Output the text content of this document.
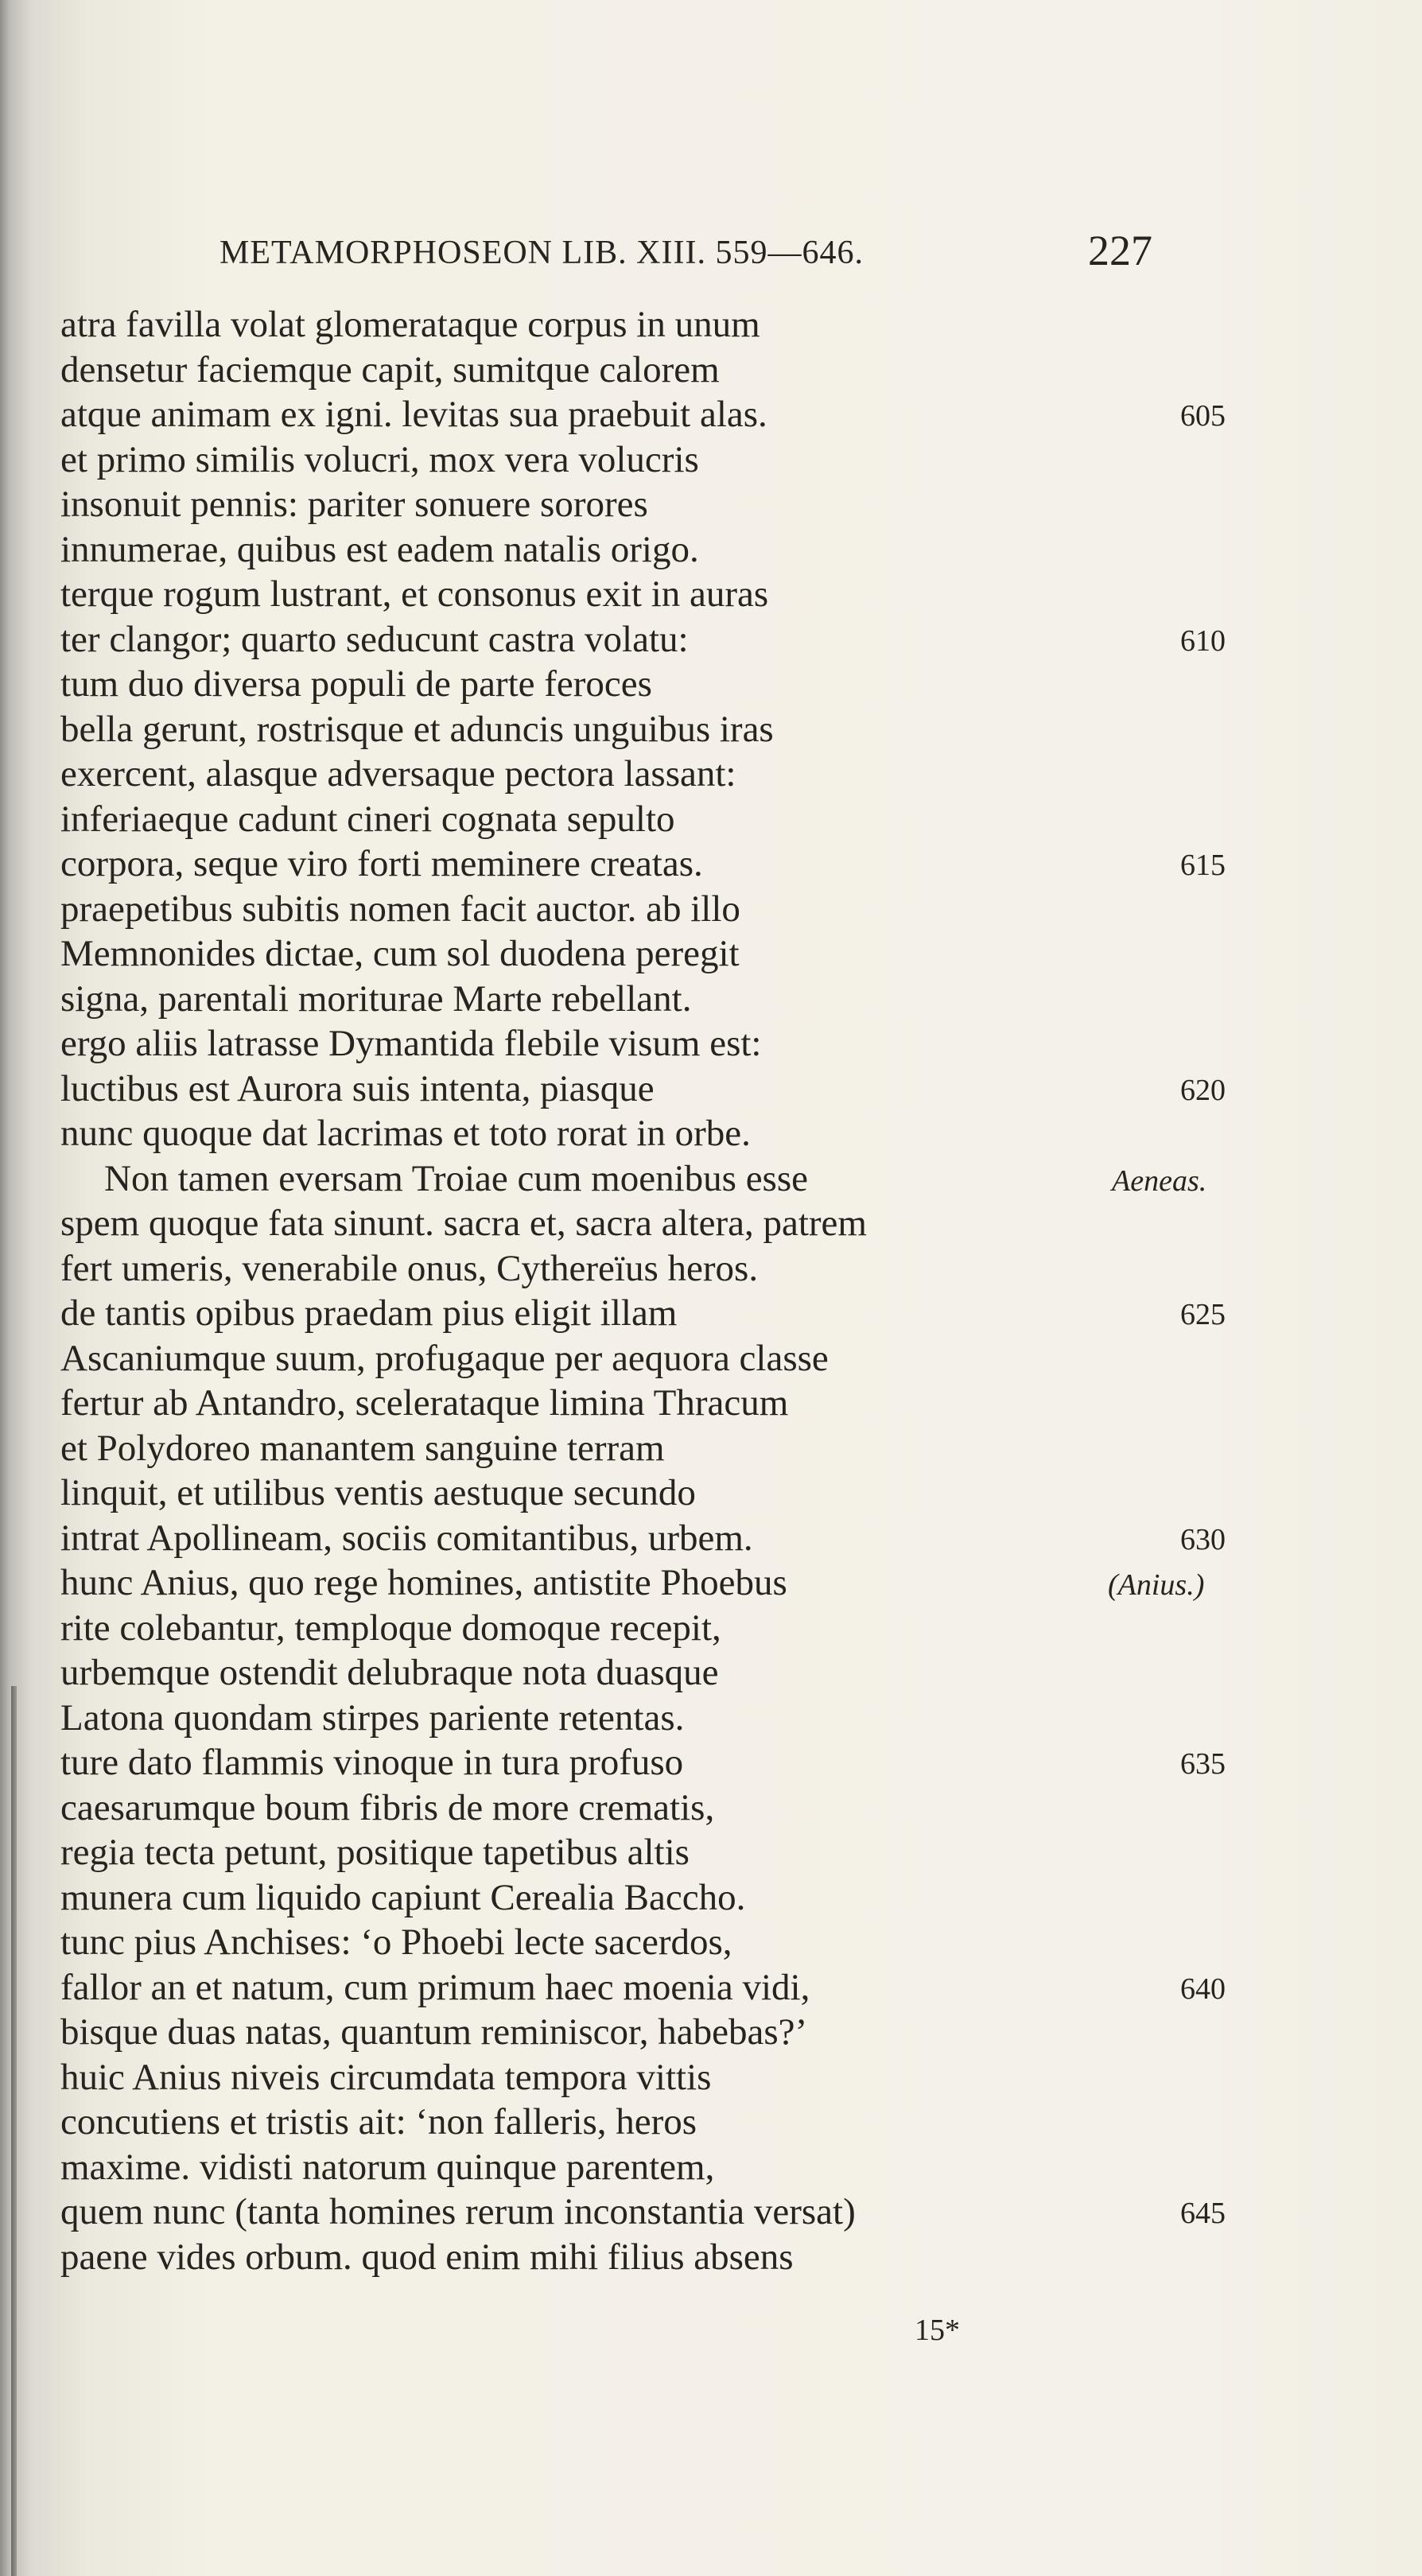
METAMORPHOSEON LIB. XIII. 559—646.	227
atra favilla volat glomerataque corpus in unum
densetur faciemque capit, sumitque calorem
atque animam ex igni. levitas sua praebuit alas.	605
et primo similis volucri, mox vera volucris
insonuit pennis: pariter sonuere sorores
innumerae, quibus est eadem natalis origo.
terque rogum lustrant, et consonus exit in auras
ter clangor; quarto seducunt castra volatu:	610
tum duo diversa populi de parte feroces
bella gerunt, rostrisque et aduncis unguibus iras
exercent, alasque adversaque pectora lassant:
inferiaeque cadunt cineri cognata sepulto
corpora, seque viro forti meminere creatas.	615
praepetibus subitis nomen facit auctor. ab illo
Memnonides dictae, cum sol duodena peregit
signa, parentali moriturae Marte rebellant.
ergo aliis latrasse Dymantida flebile visum est:
luctibus est Aurora suis intenta, piasque	620
nunc quoque dat lacrimas et toto rorat in orbe.
Non tamen eversam Troiae cum moenibus esse
spem quoque fata sinunt. sacra et, sacra altera, patrem
fert umeris, venerabile onus, Cythereïus heros.
de tantis opibus praedam pius eligit illam	625
Ascaniumque suum, profugaque per aequora classe
fertur ab Antandro, scelerataque limina Thracum
et Polydoreo manantem sanguine terram
linquit, et utilibus ventis aestuque secundo
intrat Apollineam, sociis comitantibus, urbem.	630
hunc Anius, quo rege homines, antistite Phoebus
rite colebantur, temploque domoque recepit,
urbemque ostendit delubraque nota duasque
Latona quondam stirpes pariente retentas.
ture dato flammis vinoque in tura profuso	635
caesarumque boum fibris de more crematis,
regia tecta petunt, positique tapetibus altis
munera cum liquido capiunt Cerealia Baccho.
tunc pius Anchises: ‘o Phoebi lecte sacerdos,
fallor an et natum, cum primum haec moenia vidi,	640
bisque duas natas, quantum reminiscor, habebas?’
huic Anius niveis circumdata tempora vittis
concutiens et tristis ait: ‘non falleris, heros
maxime. vidisti natorum quinque parentem,
quem nunc (tanta homines rerum inconstantia versat)	645
paene vides orbum. quod enim mihi filius absens
Aeneas.
(Anius.)
15*
